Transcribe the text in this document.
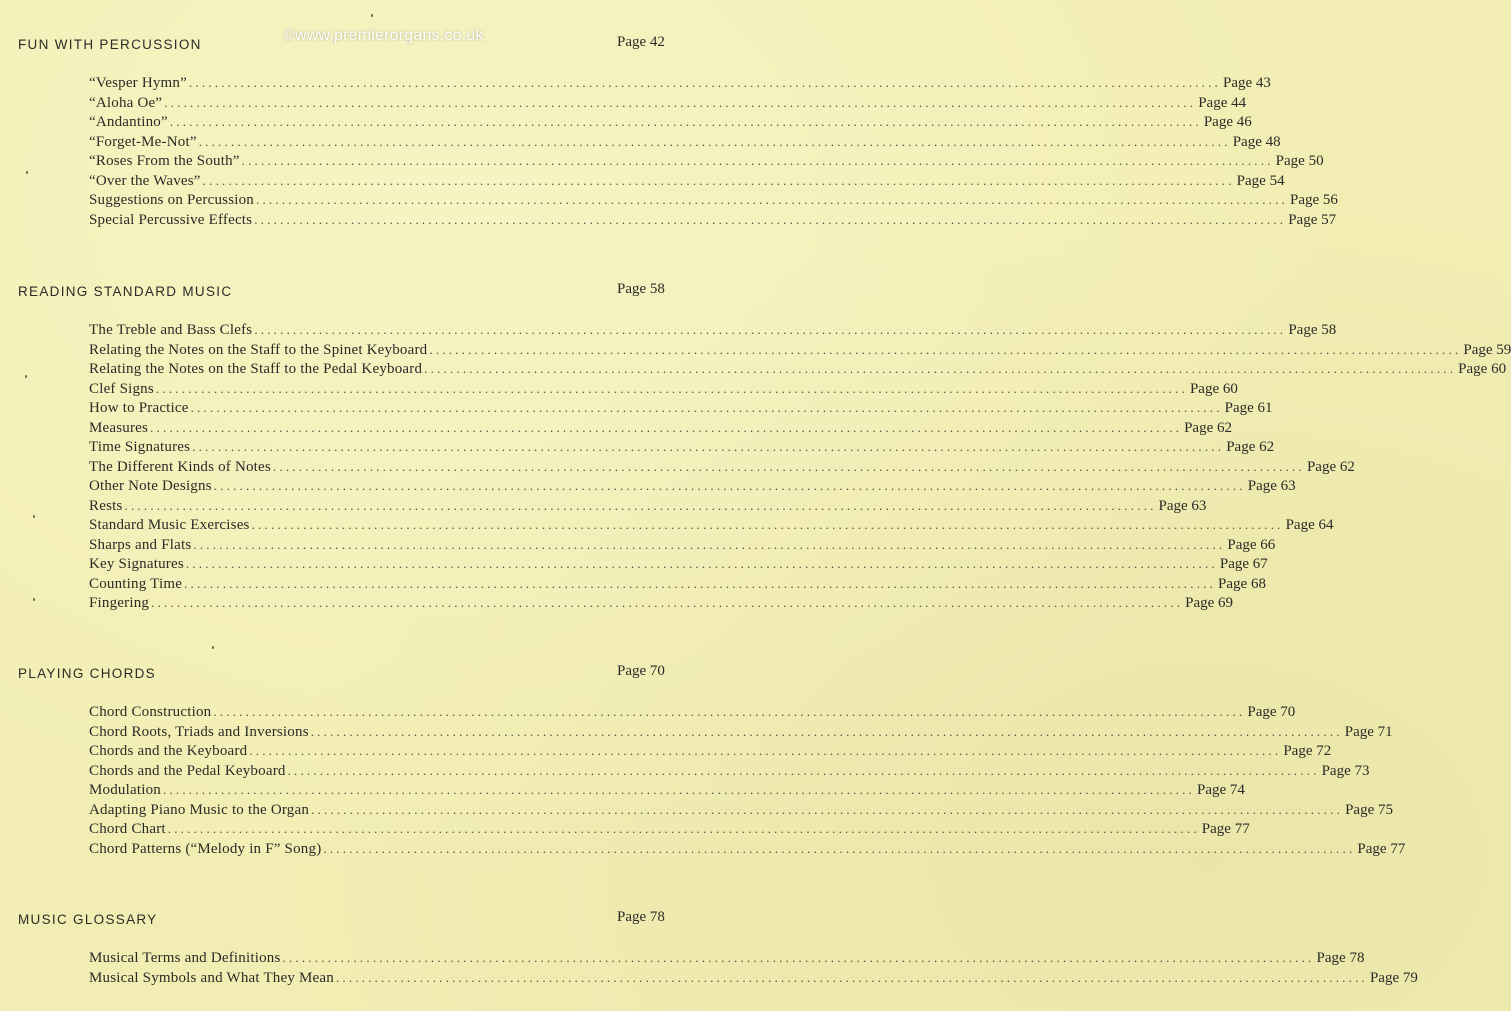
©www.premierorgans.co.uk
FUN WITH PERCUSSION	Page 42
“Vesper Hymn” ................................................................................................................................................................ Page 43
“Aloha Oe” ................................................................................................................................................................ Page 44
“Andantino” ................................................................................................................................................................ Page 46
“Forget-Me-Not” ................................................................................................................................................................ Page 48
“Roses From the South” ................................................................................................................................................................ Page 50
“Over the Waves” ................................................................................................................................................................ Page 54
Suggestions on Percussion ................................................................................................................................................................ Page 56
Special Percussive Effects ................................................................................................................................................................ Page 57
READING STANDARD MUSIC	Page 58
The Treble and Bass Clefs ................................................................................................................................................................ Page 58
Relating the Notes on the Staff to the Spinet Keyboard ................................................................................................................................................................ Page 59
Relating the Notes on the Staff to the Pedal Keyboard ................................................................................................................................................................ Page 60
Clef Signs ................................................................................................................................................................ Page 60
How to Practice ................................................................................................................................................................ Page 61
Measures ................................................................................................................................................................ Page 62
Time Signatures ................................................................................................................................................................ Page 62
The Different Kinds of Notes ................................................................................................................................................................ Page 62
Other Note Designs ................................................................................................................................................................ Page 63
Rests ................................................................................................................................................................ Page 63
Standard Music Exercises ................................................................................................................................................................ Page 64
Sharps and Flats ................................................................................................................................................................ Page 66
Key Signatures ................................................................................................................................................................ Page 67
Counting Time ................................................................................................................................................................ Page 68
Fingering ................................................................................................................................................................ Page 69
PLAYING CHORDS	Page 70
Chord Construction ................................................................................................................................................................ Page 70
Chord Roots, Triads and Inversions ................................................................................................................................................................ Page 71
Chords and the Keyboard ................................................................................................................................................................ Page 72
Chords and the Pedal Keyboard ................................................................................................................................................................ Page 73
Modulation ................................................................................................................................................................ Page 74
Adapting Piano Music to the Organ ................................................................................................................................................................ Page 75
Chord Chart ................................................................................................................................................................ Page 77
Chord Patterns (“Melody in F” Song) ................................................................................................................................................................ Page 77
MUSIC GLOSSARY	Page 78
Musical Terms and Definitions ................................................................................................................................................................ Page 78
Musical Symbols and What They Mean ................................................................................................................................................................ Page 79
